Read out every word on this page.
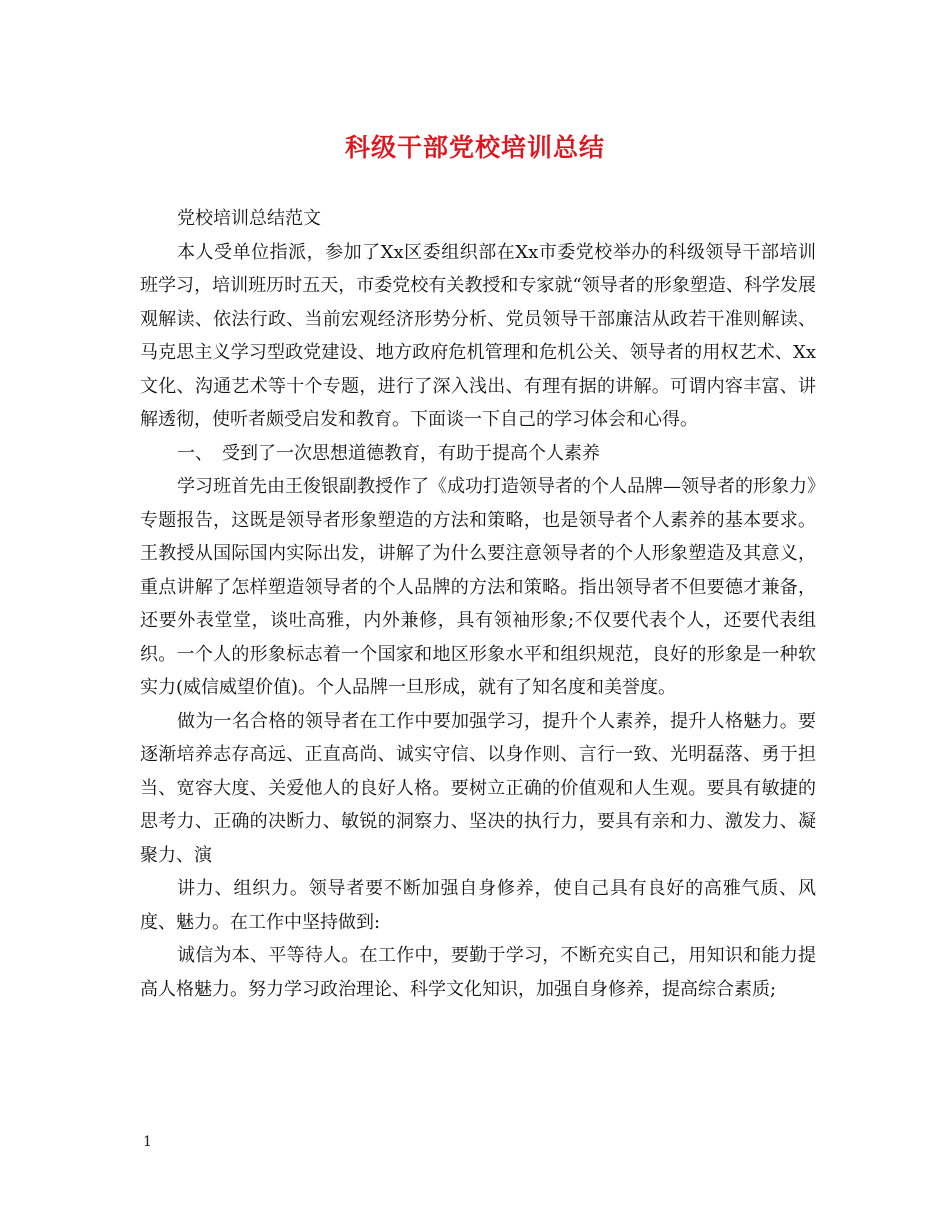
科级干部党校培训总结

党校培训总结范文

本人受单位指派，参加了Xx区委组织部在Xx市委党校举办的科级领导干部培训班学习，培训班历时五天，市委党校有关教授和专家就“领导者的形象塑造、科学发展观解读、依法行政、当前宏观经济形势分析、党员领导干部廉洁从政若干准则解读、马克思主义学习型政党建设、地方政府危机管理和危机公关、领导者的用权艺术、Xx文化、沟通艺术等十个专题，进行了深入浅出、有理有据的讲解。可谓内容丰富、讲解透彻，使听者颇受启发和教育。下面谈一下自己的学习体会和心得。

一、　受到了一次思想道德教育，有助于提高个人素养

学习班首先由王俊银副教授作了《成功打造领导者的个人品牌—领导者的形象力》专题报告，这既是领导者形象塑造的方法和策略，也是领导者个人素养的基本要求。王教授从国际国内实际出发，讲解了为什么要注意领导者的个人形象塑造及其意义，重点讲解了怎样塑造领导者的个人品牌的方法和策略。指出领导者不但要德才兼备，还要外表堂堂，谈吐高雅，内外兼修，具有领袖形象;不仅要代表个人，还要代表组织。一个人的形象标志着一个国家和地区形象水平和组织规范，良好的形象是一种软实力(威信威望价值)。个人品牌一旦形成，就有了知名度和美誉度。

做为一名合格的领导者在工作中要加强学习，提升个人素养，提升人格魅力。要逐渐培养志存高远、正直高尚、诚实守信、以身作则、言行一致、光明磊落、勇于担当、宽容大度、关爱他人的良好人格。要树立正确的价值观和人生观。要具有敏捷的思考力、正确的决断力、敏锐的洞察力、坚决的执行力，要具有亲和力、激发力、凝聚力、演

讲力、组织力。领导者要不断加强自身修养，使自己具有良好的高雅气质、风度、魅力。在工作中坚持做到:

诚信为本、平等待人。在工作中，要勤于学习，不断充实自己，用知识和能力提高人格魅力。努力学习政治理论、科学文化知识，加强自身修养，提高综合素质;

1
